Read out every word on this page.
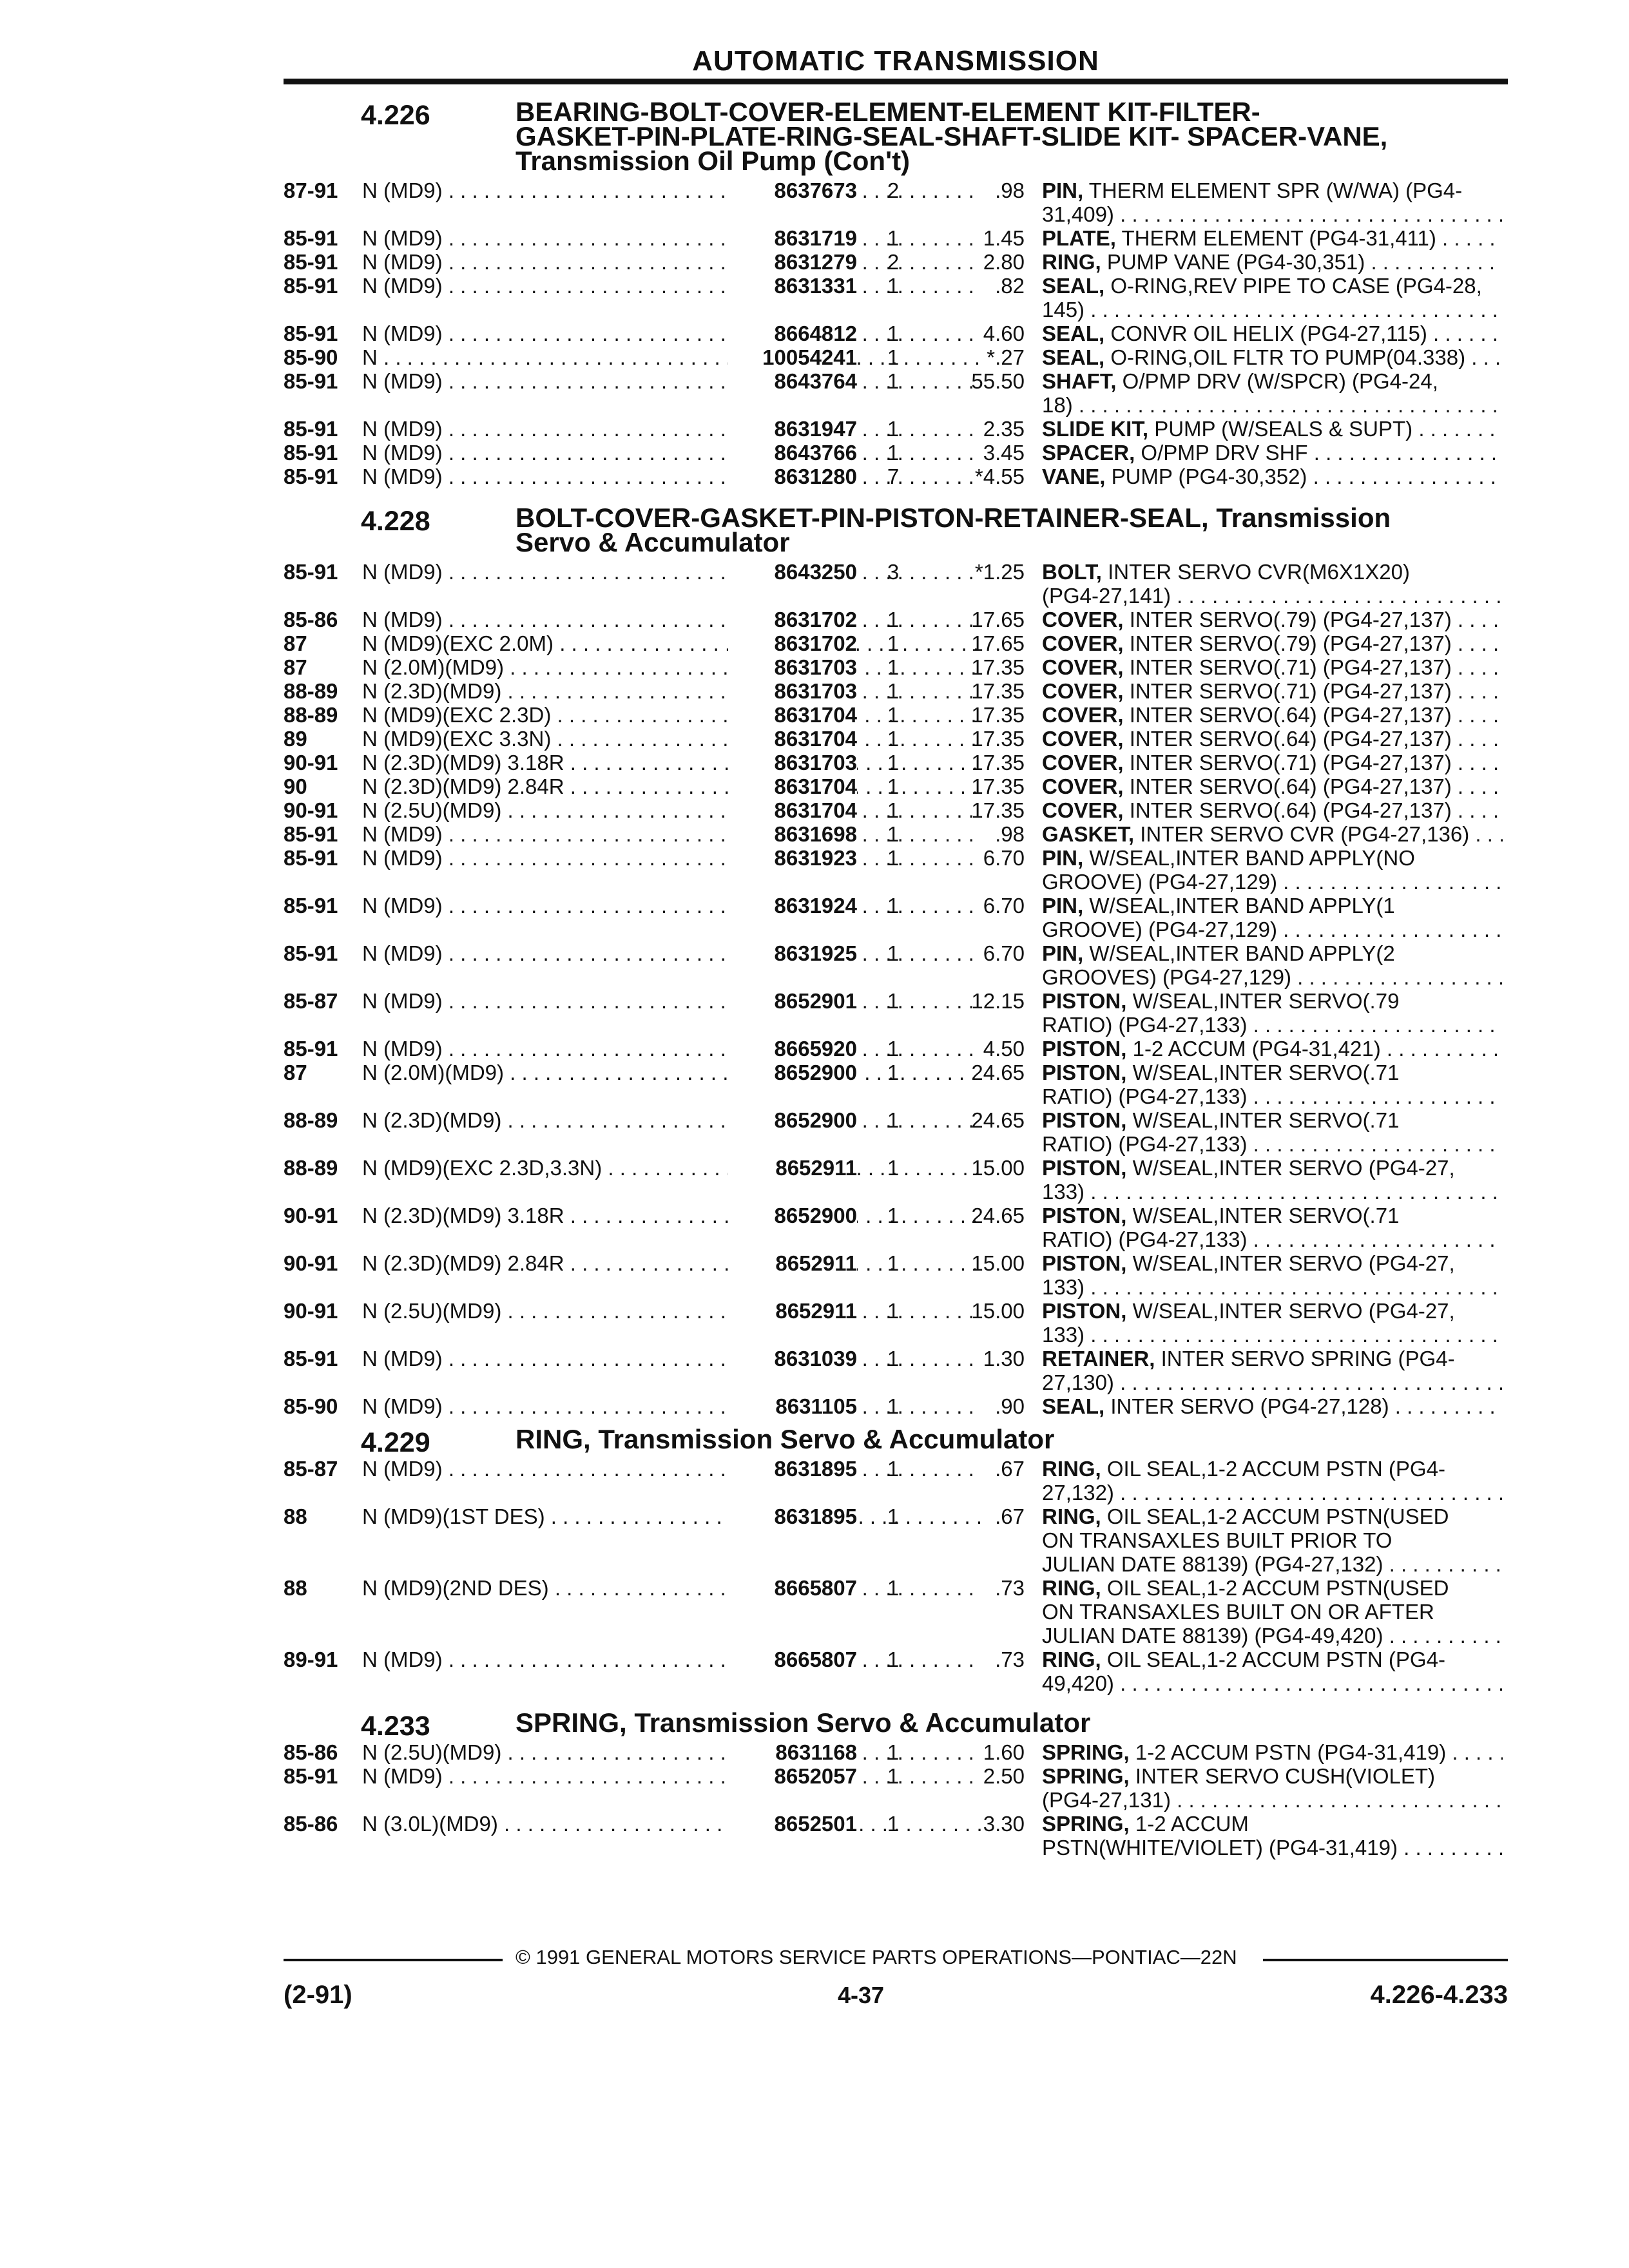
AUTOMATIC TRANSMISSION
4.226	BEARING-BOLT-COVER-ELEMENT-ELEMENT KIT-FILTER-
GASKET-PIN-PLATE-RING-SEAL-SHAFT-SLIDE KIT- SPACER-VANE,
Transmission Oil Pump (Con't)
87-91 N (MD9) . . .	8637673	2	.98 PIN, THERM ELEMENT SPR (W/WA) (PG4-
31,409) . . .
85-91 N (MD9) . . .	8631719	1	1.45 PLATE, THERM ELEMENT (PG4-31,411) . . .
85-91 N (MD9) . . .	8631279	2	2.80 RING, PUMP VANE (PG4-30,351) . . .
85-91 N (MD9) . . .	8631331	1	.82 SEAL, O-RING,REV PIPE TO CASE (PG4-28,
145) . . .
85-91 N (MD9) . . .	8664812	1	4.60 SEAL, CONVR OIL HELIX (PG4-27,115) . . .
85-90 N . . .	10054241	1	*.27 SEAL, O-RING,OIL FLTR TO PUMP(04.338) . . .
85-91 N (MD9) . . .	8643764	1	55.50 SHAFT, O/PMP DRV (W/SPCR) (PG4-24,
18) . . .
85-91 N (MD9) . . .	8631947	1	2.35 SLIDE KIT, PUMP (W/SEALS & SUPT) . . .
85-91 N (MD9) . . .	8643766	1	3.45 SPACER, O/PMP DRV SHF . . .
85-91 N (MD9) . . .	8631280	7	*4.55 VANE, PUMP (PG4-30,352) . . .
4.228	BOLT-COVER-GASKET-PIN-PISTON-RETAINER-SEAL, Transmission
Servo & Accumulator
85-91 N (MD9) . . .	8643250	3	*1.25 BOLT, INTER SERVO CVR(M6X1X20)
(PG4-27,141) . . .
85-86 N (MD9) . . .	8631702	1	17.65 COVER, INTER SERVO(.79) (PG4-27,137) . . .
87	N (MD9)(EXC 2.0M) . . .	8631702	1	17.65 COVER, INTER SERVO(.79) (PG4-27,137) . . .
87	N (2.0M)(MD9) . . .	8631703	1	17.35 COVER, INTER SERVO(.71) (PG4-27,137) . . .
88-89 N (2.3D)(MD9) . . .	8631703	1	17.35 COVER, INTER SERVO(.71) (PG4-27,137) . . .
88-89 N (MD9)(EXC 2.3D) . . .	8631704	1	17.35 COVER, INTER SERVO(.64) (PG4-27,137) . . .
89	N (MD9)(EXC 3.3N) . . .	8631704	1	17.35 COVER, INTER SERVO(.64) (PG4-27,137) . . .
90-91 N (2.3D)(MD9) 3.18R . . .	8631703	1	17.35 COVER, INTER SERVO(.71) (PG4-27,137) . . .
90	N (2.3D)(MD9) 2.84R . . .	8631704	1	17.35 COVER, INTER SERVO(.64) (PG4-27,137) . . .
90-91 N (2.5U)(MD9) . . .	8631704	1	17.35 COVER, INTER SERVO(.64) (PG4-27,137) . . .
85-91 N (MD9) . . .	8631698	1	.98 GASKET, INTER SERVO CVR (PG4-27,136) . . .
85-91 N (MD9) . . .	8631923	1	6.70 PIN, W/SEAL,INTER BAND APPLY(NO
GROOVE) (PG4-27,129) . . .
85-91 N (MD9) . . .	8631924	1	6.70 PIN, W/SEAL,INTER BAND APPLY(1
GROOVE) (PG4-27,129) . . .
85-91 N (MD9) . . .	8631925	1	6.70 PIN, W/SEAL,INTER BAND APPLY(2
GROOVES) (PG4-27,129) . . .
85-87 N (MD9) . . .	8652901	1	12.15 PISTON, W/SEAL,INTER SERVO(.79
RATIO) (PG4-27,133) . . .
85-91 N (MD9) . . .	8665920	1	4.50 PISTON, 1-2 ACCUM (PG4-31,421) . . .
87	N (2.0M)(MD9) . . .	8652900	1	24.65 PISTON, W/SEAL,INTER SERVO(.71
RATIO) (PG4-27,133) . . .
88-89 N (2.3D)(MD9) . . .	8652900	1	24.65 PISTON, W/SEAL,INTER SERVO(.71
RATIO) (PG4-27,133) . . .
88-89 N (MD9)(EXC 2.3D,3.3N) . . .	8652911	1	15.00 PISTON, W/SEAL,INTER SERVO (PG4-27,
133) . . .
90-91 N (2.3D)(MD9) 3.18R . . .	8652900	1	24.65 PISTON, W/SEAL,INTER SERVO(.71
RATIO) (PG4-27,133) . . .
90-91 N (2.3D)(MD9) 2.84R . . .	8652911	1	15.00 PISTON, W/SEAL,INTER SERVO (PG4-27,
133) . . .
90-91 N (2.5U)(MD9) . . .	8652911	1	15.00 PISTON, W/SEAL,INTER SERVO (PG4-27,
133) . . .
85-91 N (MD9) . . .	8631039	1	1.30 RETAINER, INTER SERVO SPRING (PG4-
27,130) . . .
85-90 N (MD9) . . .	8631105	1	.90 SEAL, INTER SERVO (PG4-27,128) . . .
4.229	RING, Transmission Servo & Accumulator
85-87 N (MD9) . . .	8631895	1	.67 RING, OIL SEAL,1-2 ACCUM PSTN (PG4-
27,132) . . .
88	N (MD9)(1ST DES) . . .	8631895	1	.67 RING, OIL SEAL,1-2 ACCUM PSTN(USED
ON TRANSAXLES BUILT PRIOR TO
JULIAN DATE 88139) (PG4-27,132) . . .
88	N (MD9)(2ND DES) . . .	8665807	1	.73 RING, OIL SEAL,1-2 ACCUM PSTN(USED
ON TRANSAXLES BUILT ON OR AFTER
JULIAN DATE 88139) (PG4-49,420) . . .
89-91 N (MD9) . . .	8665807	1	.73 RING, OIL SEAL,1-2 ACCUM PSTN (PG4-
49,420) . . .
4.233	SPRING, Transmission Servo & Accumulator
85-86 N (2.5U)(MD9) . . .	8631168	1	1.60 SPRING, 1-2 ACCUM PSTN (PG4-31,419) . . .
85-91 N (MD9) . . .	8652057	1	2.50 SPRING, INTER SERVO CUSH(VIOLET)
(PG4-27,131) . . .
85-86 N (3.0L)(MD9) . . .	8652501	1	3.30 SPRING, 1-2 ACCUM
PSTN(WHITE/VIOLET) (PG4-31,419) . . .
© 1991 GENERAL MOTORS SERVICE PARTS OPERATIONS—PONTIAC—22N
(2-91)	4-37	4.226-4.233
